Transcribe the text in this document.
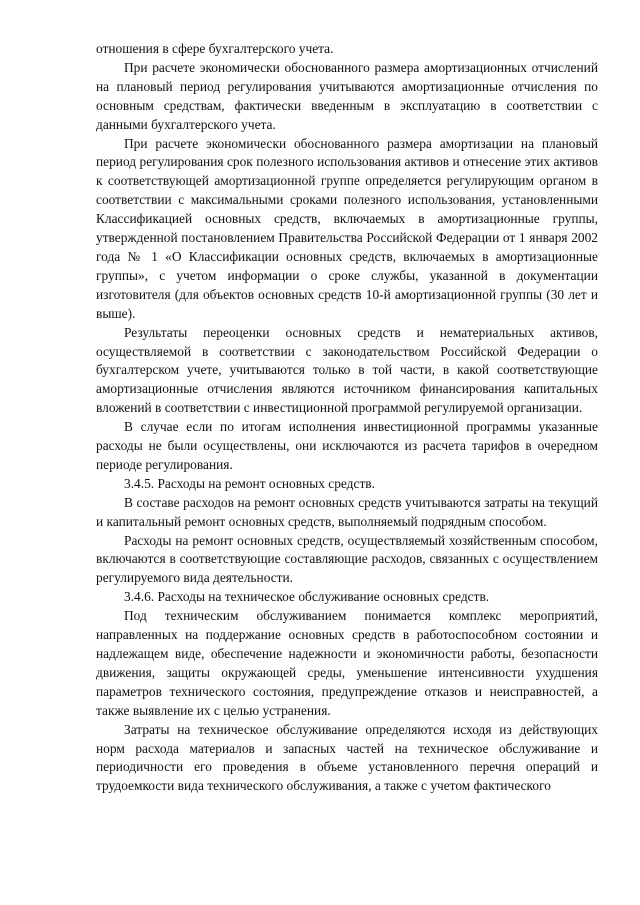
отношения в сфере бухгалтерского учета.

При расчете экономически обоснованного размера амортизационных отчислений на плановый период регулирования учитываются амортизационные отчисления по основным средствам, фактически введенным в эксплуатацию в соответствии с данными бухгалтерского учета.

При расчете экономически обоснованного размера амортизации на плановый период регулирования срок полезного использования активов и отнесение этих активов к соответствующей амортизационной группе определяется регулирующим органом в соответствии с максимальными сроками полезного использования, установленными Классификацией основных средств, включаемых в амортизационные группы, утвержденной постановлением Правительства Российской Федерации от 1 января 2002 года № 1 «О Классификации основных средств, включаемых в амортизационные группы», с учетом информации о сроке службы, указанной в документации изготовителя (для объектов основных средств 10-й амортизационной группы (30 лет и выше).

Результаты переоценки основных средств и нематериальных активов, осуществляемой в соответствии с законодательством Российской Федерации о бухгалтерском учете, учитываются только в той части, в какой соответствующие амортизационные отчисления являются источником финансирования капитальных вложений в соответствии с инвестиционной программой регулируемой организации.

В случае если по итогам исполнения инвестиционной программы указанные расходы не были осуществлены, они исключаются из расчета тарифов в очередном периоде регулирования.

3.4.5. Расходы на ремонт основных средств.

В составе расходов на ремонт основных средств учитываются затраты на текущий и капитальный ремонт основных средств, выполняемый подрядным способом.

Расходы на ремонт основных средств, осуществляемый хозяйственным способом, включаются в соответствующие составляющие расходов, связанных с осуществлением регулируемого вида деятельности.

3.4.6. Расходы на техническое обслуживание основных средств.

Под техническим обслуживанием понимается комплекс мероприятий, направленных на поддержание основных средств в работоспособном состоянии и надлежащем виде, обеспечение надежности и экономичности работы, безопасности движения, защиты окружающей среды, уменьшение интенсивности ухудшения параметров технического состояния, предупреждение отказов и неисправностей, а также выявление их с целью устранения.

Затраты на техническое обслуживание определяются исходя из действующих норм расхода материалов и запасных частей на техническое обслуживание и периодичности его проведения в объеме установленного перечня операций и трудоемкости вида технического обслуживания, а также с учетом фактического
